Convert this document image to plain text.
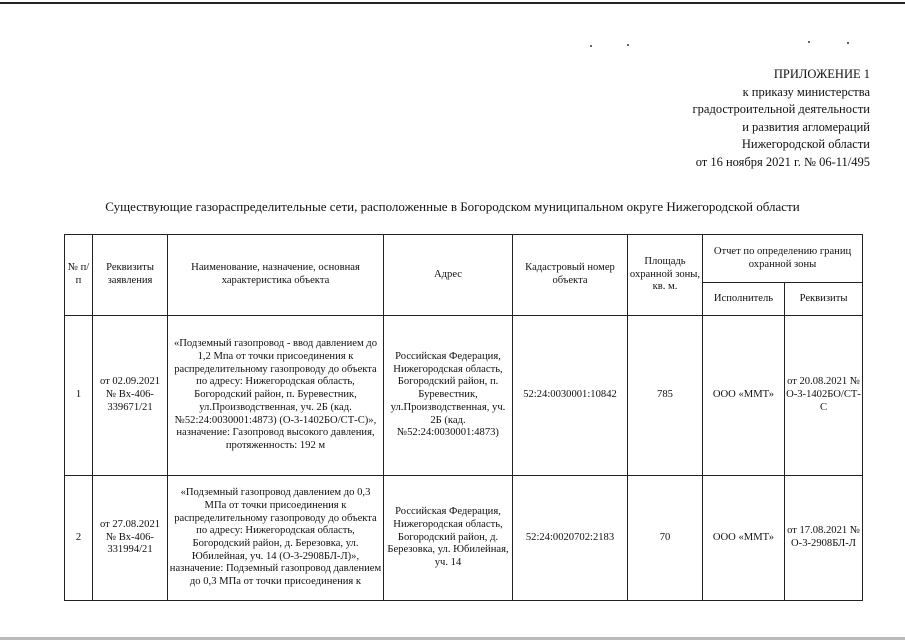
ПРИЛОЖЕНИЕ 1
к приказу министерства
градостроительной деятельности
и развития агломераций
Нижегородской области
от 16 ноября 2021 г. № 06-11/495
Существующие газораспределительные сети, расположенные в Богородском муниципальном округе Нижегородской области
№ п/п	Реквизиты заявления	Наименование, назначение, основная характеристика объекта	Адрес	Кадастровый номер объекта	Площадь охранной зоны, кв. м.	Отчет по определению границ охранной зоны	
						Исполнитель	Реквизиты
1	от 02.09.2021 № Вх-406-339671/21	«Подземный газопровод - ввод давлением до 1,2 Мпа от точки присоединения к распределительному газопроводу до объекта по адресу: Нижегородская область, Богородский район, п. Буревестник, ул.Производственная, уч. 2Б (кад. №52:24:0030001:4873) (О-3-1402БО/СТ-С)», назначение: Газопровод высокого давления, протяженность: 192 м	Российская Федерация, Нижегородская область, Богородский район, п. Буревестник, ул.Производственная, уч. 2Б (кад. №52:24:0030001:4873)	52:24:0030001:10842	785	ООО «ММТ»	от 20.08.2021 № О-3-1402БО/СТ-С
2	от 27.08.2021 № Вх-406-331994/21	«Подземный газопровод давлением до 0,3 МПа от точки присоединения к распределительному газопроводу до объекта по адресу: Нижегородская область, Богородский район, д. Березовка, ул. Юбилейная, уч. 14 (О-3-2908БЛ-Л)», назначение: Подземный газопровод давлением до 0,3 МПа от точки присоединения к	Российская Федерация, Нижегородская область, Богородский район, д. Березовка, ул. Юбилейная, уч. 14	52:24:0020702:2183	70	ООО «ММТ»	от 17.08.2021 № О-3-2908БЛ-Л
